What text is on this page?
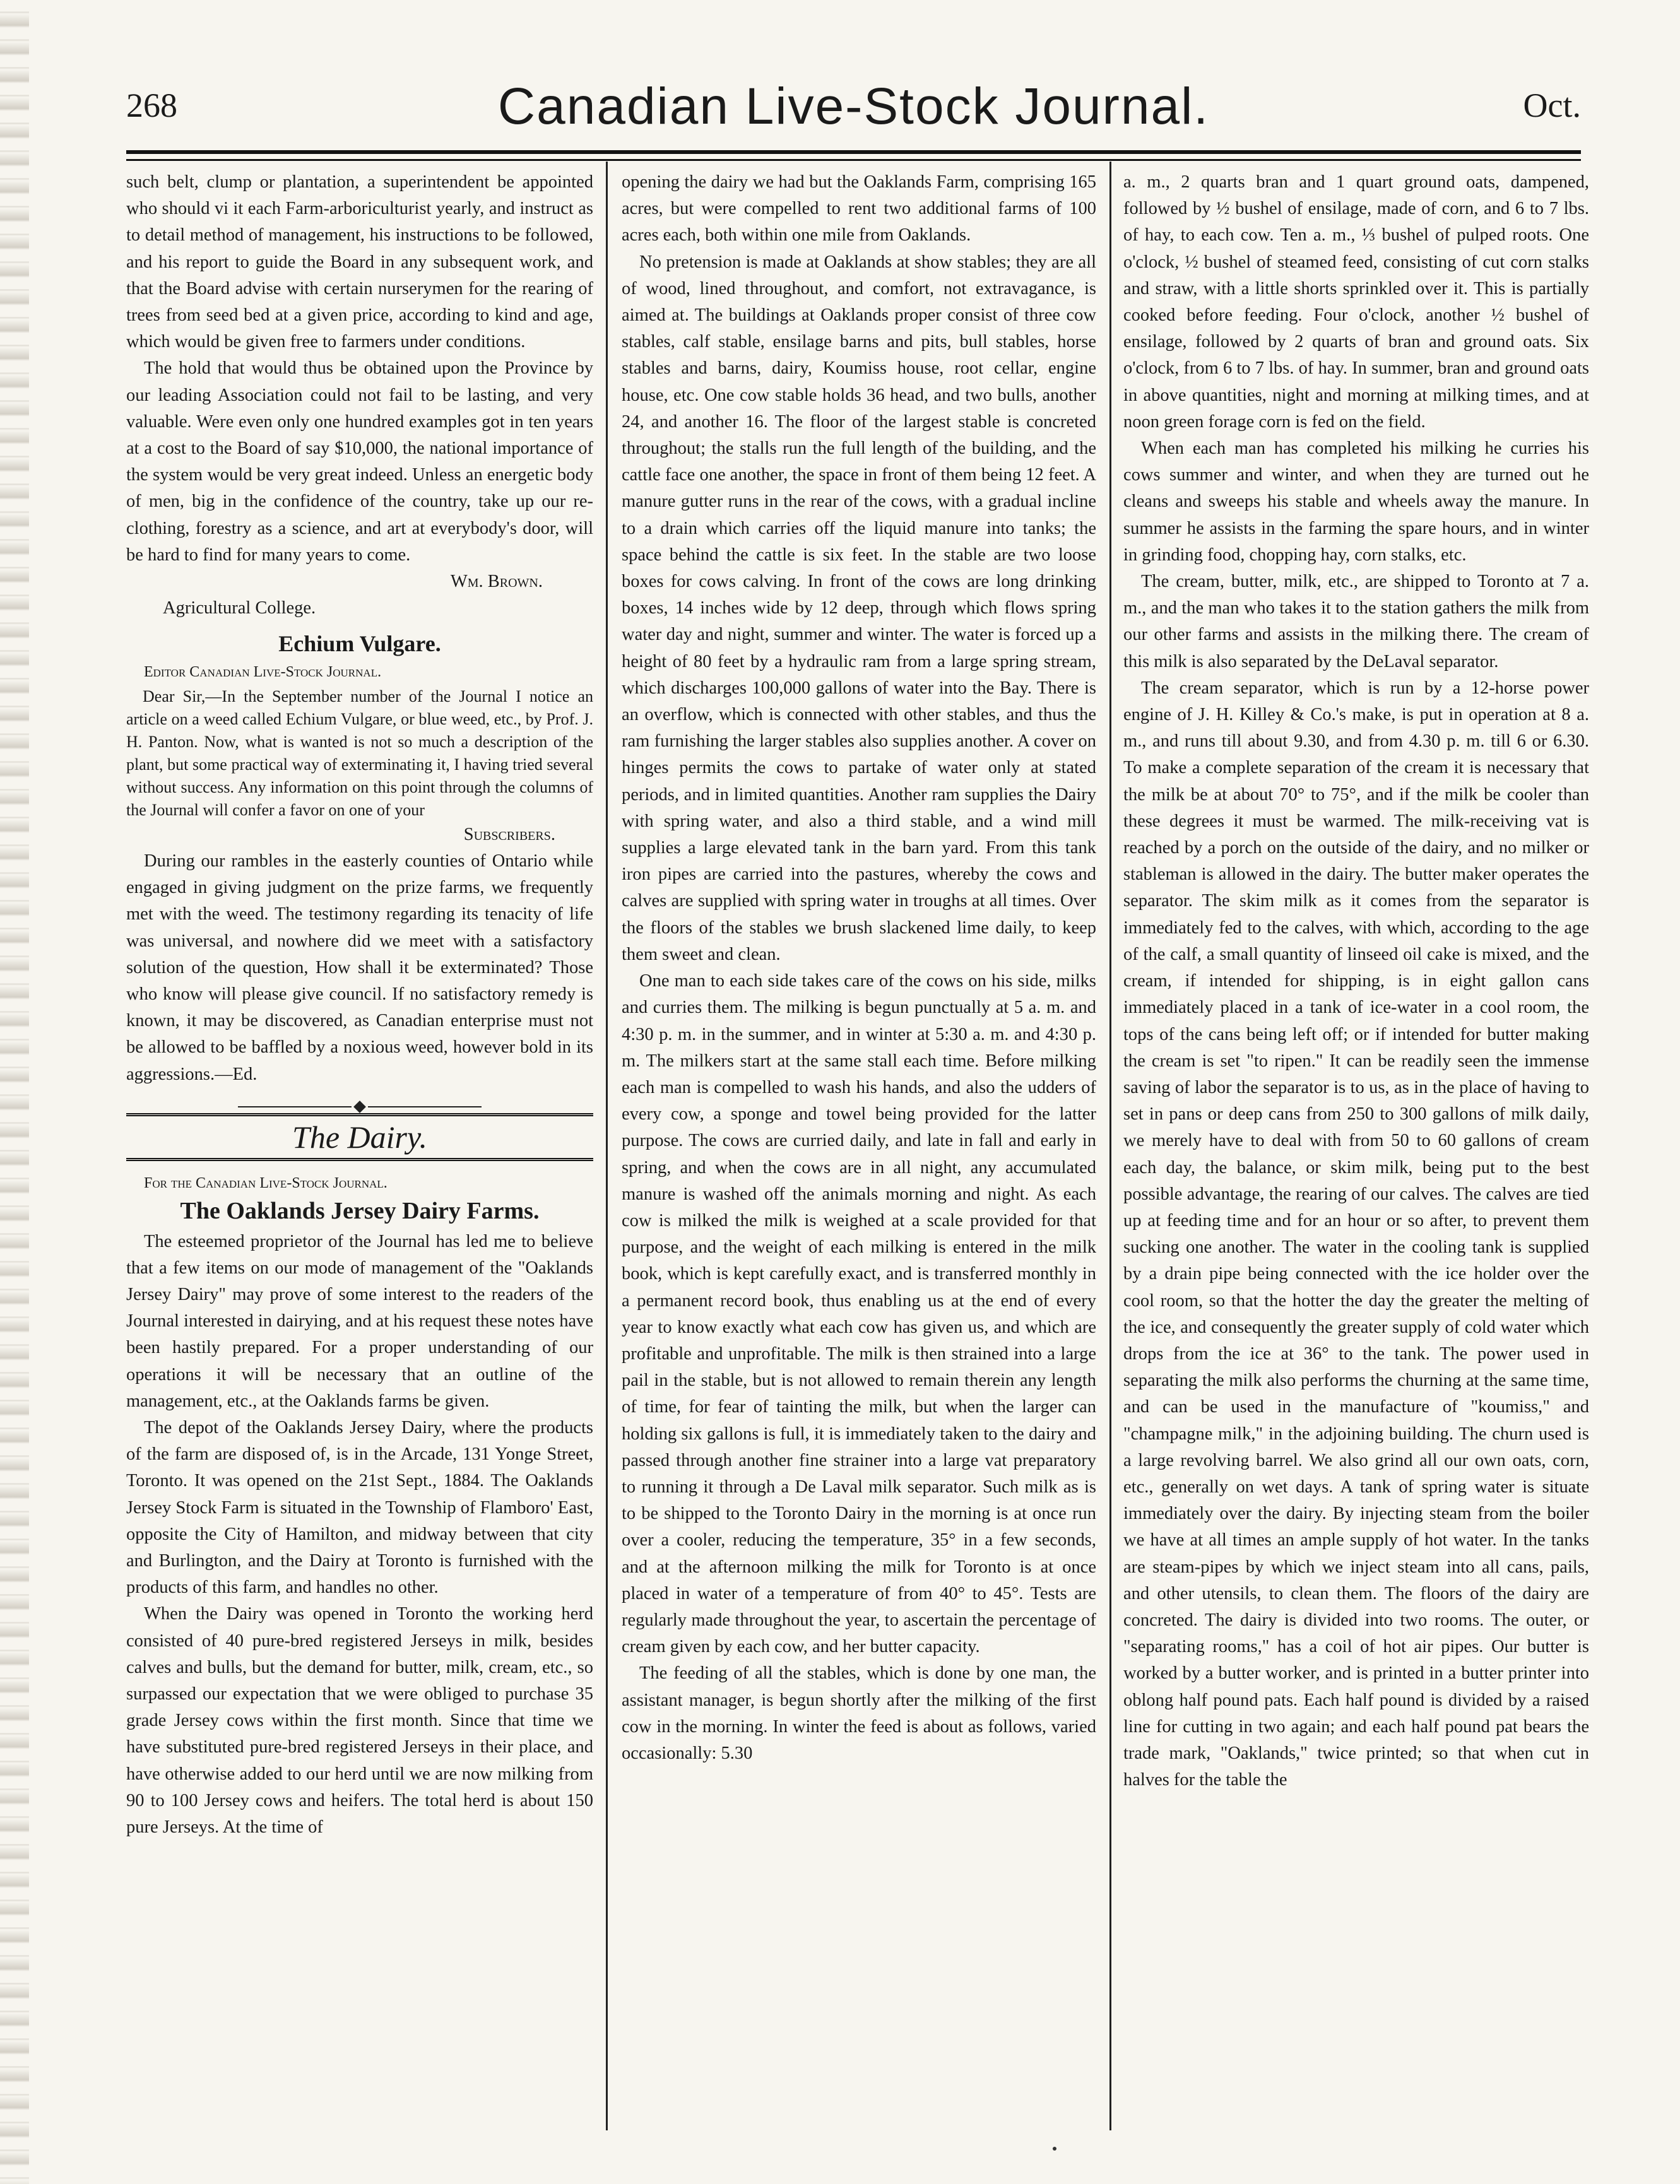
268	Canadian Live-Stock Journal.	Oct.

such belt, clump or plantation, a superintendent be appointed who should vi it each Farm-arboriculturist yearly, and instruct as to detail method of management, his instructions to be followed, and his report to guide the Board in any subsequent work, and that the Board advise with certain nurserymen for the rearing of trees from seed bed at a given price, according to kind and age, which would be given free to farmers under conditions.

The hold that would thus be obtained upon the Province by our leading Association could not fail to be lasting, and very valuable. Were even only one hundred examples got in ten years at a cost to the Board of say $10,000, the national importance of the system would be very great indeed. Unless an energetic body of men, big in the confidence of the country, take up our re-clothing, forestry as a science, and art at everybody's door, will be hard to find for many years to come.

Wm. Brown.
Agricultural College.
Echium Vulgare.

Editor Canadian Live-Stock Journal.

Dear Sir,—In the September number of the Journal I notice an article on a weed called Echium Vulgare, or blue weed, etc., by Prof. J. H. Panton. Now, what is wanted is not so much a description of the plant, but some practical way of exterminating it, I having tried several without success. Any information on this point through the columns of the Journal will confer a favor on one of your

Subscribers.

During our rambles in the easterly counties of Ontario while engaged in giving judgment on the prize farms, we frequently met with the weed. The testimony regarding its tenacity of life was universal, and nowhere did we meet with a satisfactory solution of the question, How shall it be exterminated? Those who know will please give council. If no satisfactory remedy is known, it may be discovered, as Canadian enterprise must not be allowed to be baffled by a noxious weed, however bold in its aggressions.—Ed.

The Dairy.

For the Canadian Live-Stock Journal.

The Oaklands Jersey Dairy Farms.

The esteemed proprietor of the Journal has led me to believe that a few items on our mode of management of the "Oaklands Jersey Dairy" may prove of some interest to the readers of the Journal interested in dairying, and at his request these notes have been hastily prepared. For a proper understanding of our operations it will be necessary that an outline of the management, etc., at the Oaklands farms be given.

The depot of the Oaklands Jersey Dairy, where the products of the farm are disposed of, is in the Arcade, 131 Yonge Street, Toronto. It was opened on the 21st Sept., 1884. The Oaklands Jersey Stock Farm is situated in the Township of Flamboro' East, opposite the City of Hamilton, and midway between that city and Burlington, and the Dairy at Toronto is furnished with the products of this farm, and handles no other.

When the Dairy was opened in Toronto the working herd consisted of 40 pure-bred registered Jerseys in milk, besides calves and bulls, but the demand for butter, milk, cream, etc., so surpassed our expectation that we were obliged to purchase 35 grade Jersey cows within the first month. Since that time we have substituted pure-bred registered Jerseys in their place, and have otherwise added to our herd until we are now milking from 90 to 100 Jersey cows and heifers. The total herd is about 150 pure Jerseys. At the time of

opening the dairy we had but the Oaklands Farm, comprising 165 acres, but were compelled to rent two additional farms of 100 acres each, both within one mile from Oaklands.

No pretension is made at Oaklands at show stables; they are all of wood, lined throughout, and comfort, not extravagance, is aimed at. The buildings at Oaklands proper consist of three cow stables, calf stable, ensilage barns and pits, bull stables, horse stables and barns, dairy, Koumiss house, root cellar, engine house, etc. One cow stable holds 36 head, and two bulls, another 24, and another 16. The floor of the largest stable is concreted throughout; the stalls run the full length of the building, and the cattle face one another, the space in front of them being 12 feet. A manure gutter runs in the rear of the cows, with a gradual incline to a drain which carries off the liquid manure into tanks; the space behind the cattle is six feet. In the stable are two loose boxes for cows calving. In front of the cows are long drinking boxes, 14 inches wide by 12 deep, through which flows spring water day and night, summer and winter. The water is forced up a height of 80 feet by a hydraulic ram from a large spring stream, which discharges 100,000 gallons of water into the Bay. There is an overflow, which is connected with other stables, and thus the ram furnishing the larger stables also supplies another. A cover on hinges permits the cows to partake of water only at stated periods, and in limited quantities. Another ram supplies the Dairy with spring water, and also a third stable, and a wind mill supplies a large elevated tank in the barn yard. From this tank iron pipes are carried into the pastures, whereby the cows and calves are supplied with spring water in troughs at all times. Over the floors of the stables we brush slackened lime daily, to keep them sweet and clean.

One man to each side takes care of the cows on his side, milks and curries them. The milking is begun punctually at 5 a. m. and 4:30 p. m. in the summer, and in winter at 5:30 a. m. and 4:30 p. m. The milkers start at the same stall each time. Before milking each man is compelled to wash his hands, and also the udders of every cow, a sponge and towel being provided for the latter purpose. The cows are curried daily, and late in fall and early in spring, and when the cows are in all night, any accumulated manure is washed off the animals morning and night. As each cow is milked the milk is weighed at a scale provided for that purpose, and the weight of each milking is entered in the milk book, which is kept carefully exact, and is transferred monthly in a permanent record book, thus enabling us at the end of every year to know exactly what each cow has given us, and which are profitable and unprofitable. The milk is then strained into a large pail in the stable, but is not allowed to remain therein any length of time, for fear of tainting the milk, but when the larger can holding six gallons is full, it is immediately taken to the dairy and passed through another fine strainer into a large vat preparatory to running it through a De Laval milk separator. Such milk as is to be shipped to the Toronto Dairy in the morning is at once run over a cooler, reducing the temperature, 35° in a few seconds, and at the afternoon milking the milk for Toronto is at once placed in water of a temperature of from 40° to 45°. Tests are regularly made throughout the year, to ascertain the percentage of cream given by each cow, and her butter capacity.

The feeding of all the stables, which is done by one man, the assistant manager, is begun shortly after the milking of the first cow in the morning. In winter the feed is about as follows, varied occasionally: 5.30

a. m., 2 quarts bran and 1 quart ground oats, dampened, followed by ½ bushel of ensilage, made of corn, and 6 to 7 lbs. of hay, to each cow. Ten a. m., ⅓ bushel of pulped roots. One o'clock, ½ bushel of steamed feed, consisting of cut corn stalks and straw, with a little shorts sprinkled over it. This is partially cooked before feeding. Four o'clock, another ½ bushel of ensilage, followed by 2 quarts of bran and ground oats. Six o'clock, from 6 to 7 lbs. of hay. In summer, bran and ground oats in above quantities, night and morning at milking times, and at noon green forage corn is fed on the field.

When each man has completed his milking he curries his cows summer and winter, and when they are turned out he cleans and sweeps his stable and wheels away the manure. In summer he assists in the farming the spare hours, and in winter in grinding food, chopping hay, corn stalks, etc.

The cream, butter, milk, etc., are shipped to Toronto at 7 a. m., and the man who takes it to the station gathers the milk from our other farms and assists in the milking there. The cream of this milk is also separated by the DeLaval separator.

The cream separator, which is run by a 12-horse power engine of J. H. Killey & Co.'s make, is put in operation at 8 a. m., and runs till about 9.30, and from 4.30 p. m. till 6 or 6.30. To make a complete separation of the cream it is necessary that the milk be at about 70° to 75°, and if the milk be cooler than these degrees it must be warmed. The milk-receiving vat is reached by a porch on the outside of the dairy, and no milker or stableman is allowed in the dairy. The butter maker operates the separator. The skim milk as it comes from the separator is immediately fed to the calves, with which, according to the age of the calf, a small quantity of linseed oil cake is mixed, and the cream, if intended for shipping, is in eight gallon cans immediately placed in a tank of ice-water in a cool room, the tops of the cans being left off; or if intended for butter making the cream is set "to ripen." It can be readily seen the immense saving of labor the separator is to us, as in the place of having to set in pans or deep cans from 250 to 300 gallons of milk daily, we merely have to deal with from 50 to 60 gallons of cream each day, the balance, or skim milk, being put to the best possible advantage, the rearing of our calves. The calves are tied up at feeding time and for an hour or so after, to prevent them sucking one another. The water in the cooling tank is supplied by a drain pipe being connected with the ice holder over the cool room, so that the hotter the day the greater the melting of the ice, and consequently the greater supply of cold water which drops from the ice at 36° to the tank. The power used in separating the milk also performs the churning at the same time, and can be used in the manufacture of "koumiss," and "champagne milk," in the adjoining building. The churn used is a large revolving barrel. We also grind all our own oats, corn, etc., generally on wet days. A tank of spring water is situate immediately over the dairy. By injecting steam from the boiler we have at all times an ample supply of hot water. In the tanks are steam-pipes by which we inject steam into all cans, pails, and other utensils, to clean them. The floors of the dairy are concreted. The dairy is divided into two rooms. The outer, or "separating rooms," has a coil of hot air pipes. Our butter is worked by a butter worker, and is printed in a butter printer into oblong half pound pats. Each half pound is divided by a raised line for cutting in two again; and each half pound pat bears the trade mark, "Oaklands," twice printed; so that when cut in halves for the table the
